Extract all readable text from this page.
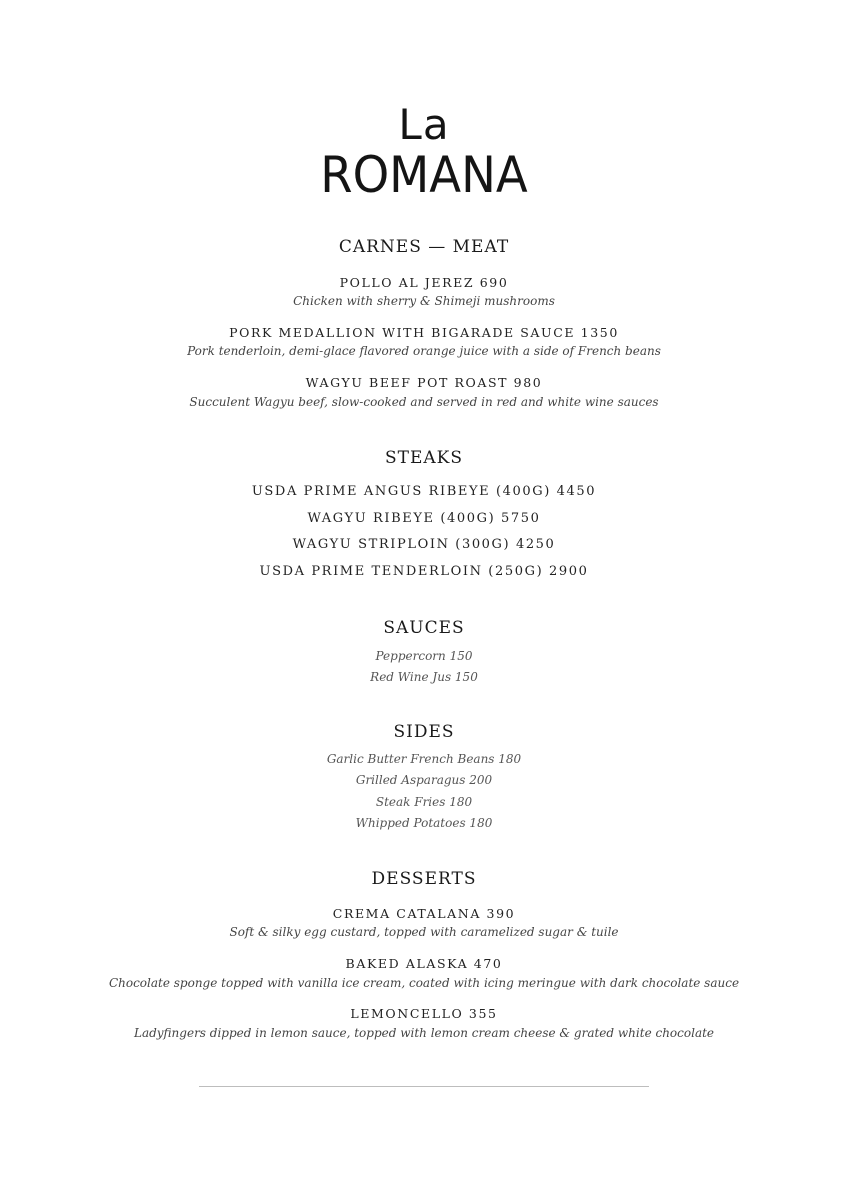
La
ROMANA
CARNES — MEAT
POLLO AL JEREZ 690
Chicken with sherry & Shimeji mushrooms
PORK MEDALLION WITH BIGARADE SAUCE 1350
Pork tenderloin, demi-glace flavored orange juice with a side of French beans
WAGYU BEEF POT ROAST 980
Succulent Wagyu beef, slow-cooked and served in red and white wine sauces
STEAKS
USDA PRIME ANGUS RIBEYE (400G) 4450
WAGYU RIBEYE (400G) 5750
WAGYU STRIPLOIN (300G) 4250
USDA PRIME TENDERLOIN (250G) 2900
SAUCES
Peppercorn 150
Red Wine Jus 150
SIDES
Garlic Butter French Beans 180
Grilled Asparagus 200
Steak Fries 180
Whipped Potatoes 180
DESSERTS
CREMA CATALANA 390
Soft & silky egg custard, topped with caramelized sugar & tuile
BAKED ALASKA 470
Chocolate sponge topped with vanilla ice cream, coated with icing meringue with dark chocolate sauce
LEMONCELLO 355
Ladyfingers dipped in lemon sauce, topped with lemon cream cheese & grated white chocolate
